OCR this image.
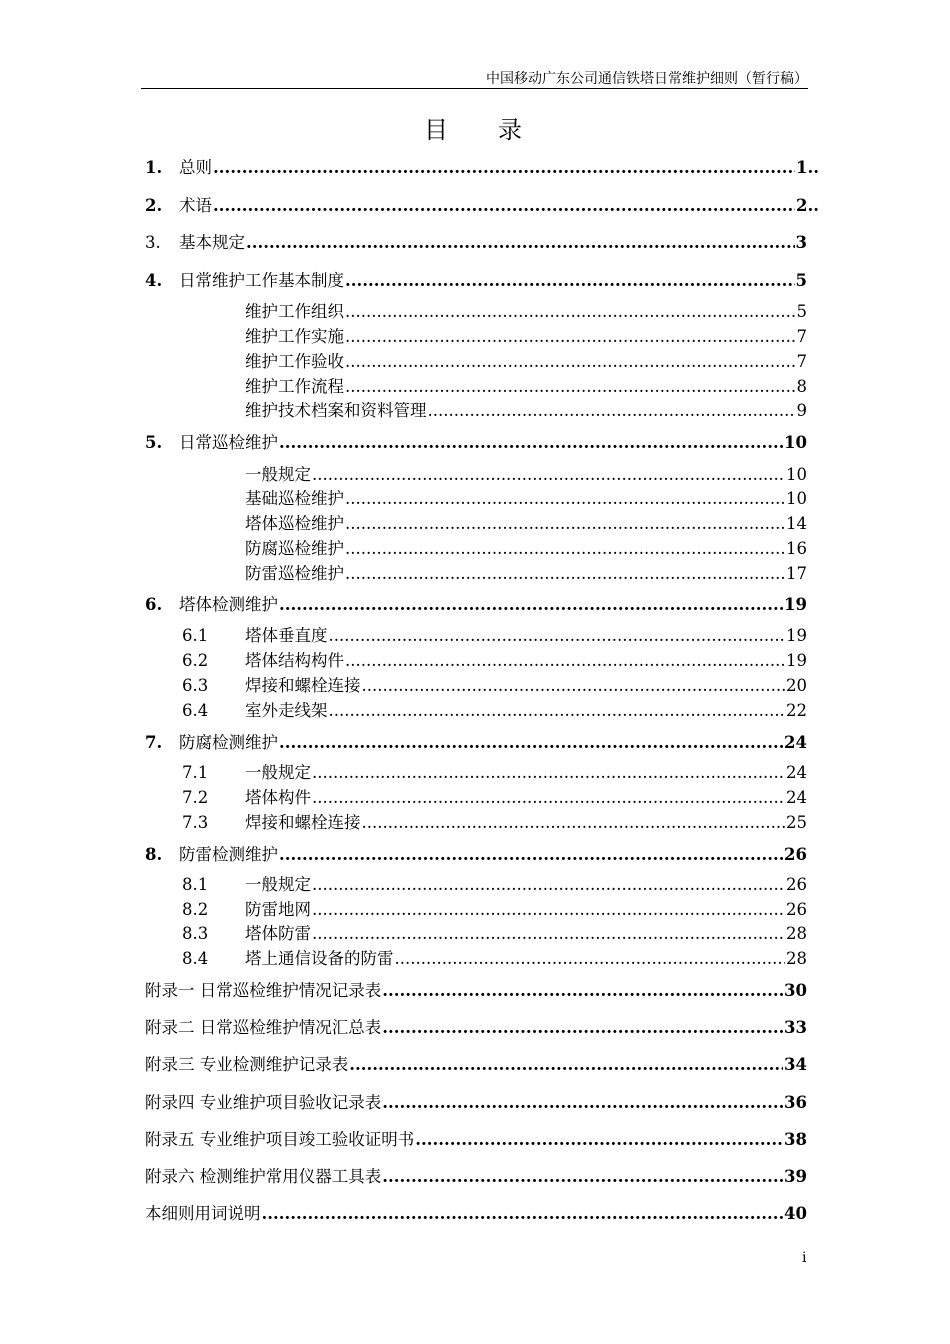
中国移动广东公司通信铁塔日常维护细则（暂行稿）
目 录
1.	总则 .....	1..
2.	术语 .....	2..
3.	基本规定 .....	3
4.	日常维护工作基本制度 .....	5
维护工作组织 .....	5
维护工作实施 .....	7
维护工作验收 .....	7
维护工作流程 .....	8
维护技术档案和资料管理 .....	9
5.	日常巡检维护 .....	10
一般规定 .....	10
基础巡检维护 .....	10
塔体巡检维护 .....	14
防腐巡检维护 .....	16
防雷巡检维护 .....	17
6.	塔体检测维护 .....	19
6.1	塔体垂直度 .....	19
6.2	塔体结构构件 .....	19
6.3	焊接和螺栓连接 .....	20
6.4	室外走线架 .....	22
7.	防腐检测维护 .....	24
7.1	一般规定 .....	24
7.2	塔体构件 .....	24
7.3	焊接和螺栓连接 .....	25
8.	防雷检测维护 .....	26
8.1	一般规定 .....	26
8.2	防雷地网 .....	26
8.3	塔体防雷 .....	28
8.4	塔上通信设备的防雷 .....	28
附录一 日常巡检维护情况记录表 .....	30
附录二 日常巡检维护情况汇总表 .....	33
附录三 专业检测维护记录表 .....	34
附录四 专业维护项目验收记录表 .....	36
附录五 专业维护项目竣工验收证明书 .....	38
附录六 检测维护常用仪器工具表 .....	39
本细则用词说明 .....	40
i
